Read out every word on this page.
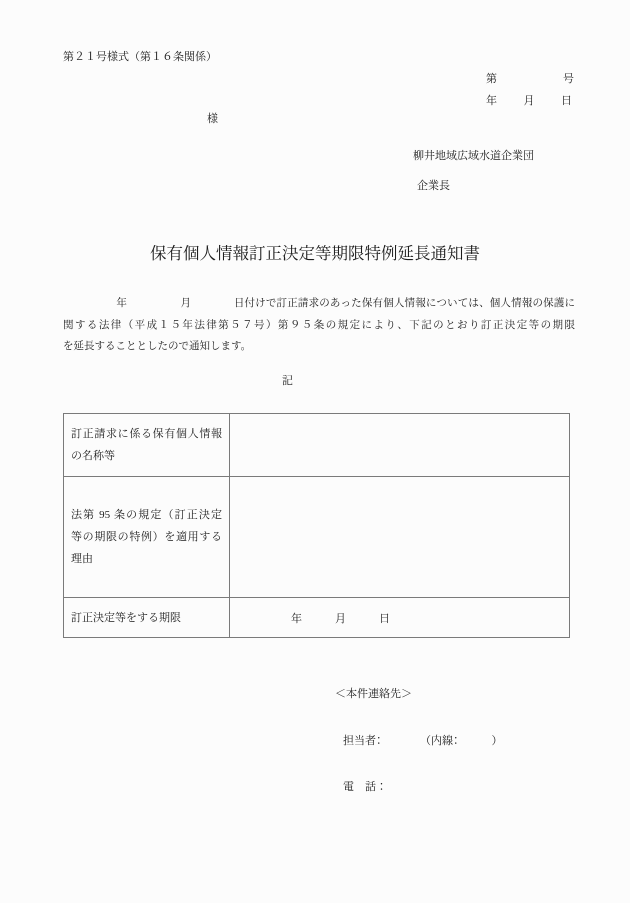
第２１号様式（第１６条関係）
第　　　　　　号
年　　月　　日
様
柳井地域広域水道企業団
企業長
保有個人情報訂正決定等期限特例延長通知書
　　　　　年　　　　　月　　　　日付けで訂正請求のあった保有個人情報については、個人情報の保護に
関する法律（平成１５年法律第５７号）第９５条の規定により、下記のとおり訂正決定等の期限
を延長することとしたので通知します。
記
訂正請求に係る保有個人情報
の名称等
法第 95 条の規定（訂正決定
等の期限の特例）を適用する
理由
訂正決定等をする期限	年　　　月　　　日

＜本件連絡先＞

担当者：　　　　（内線：　　　）

電　話：
